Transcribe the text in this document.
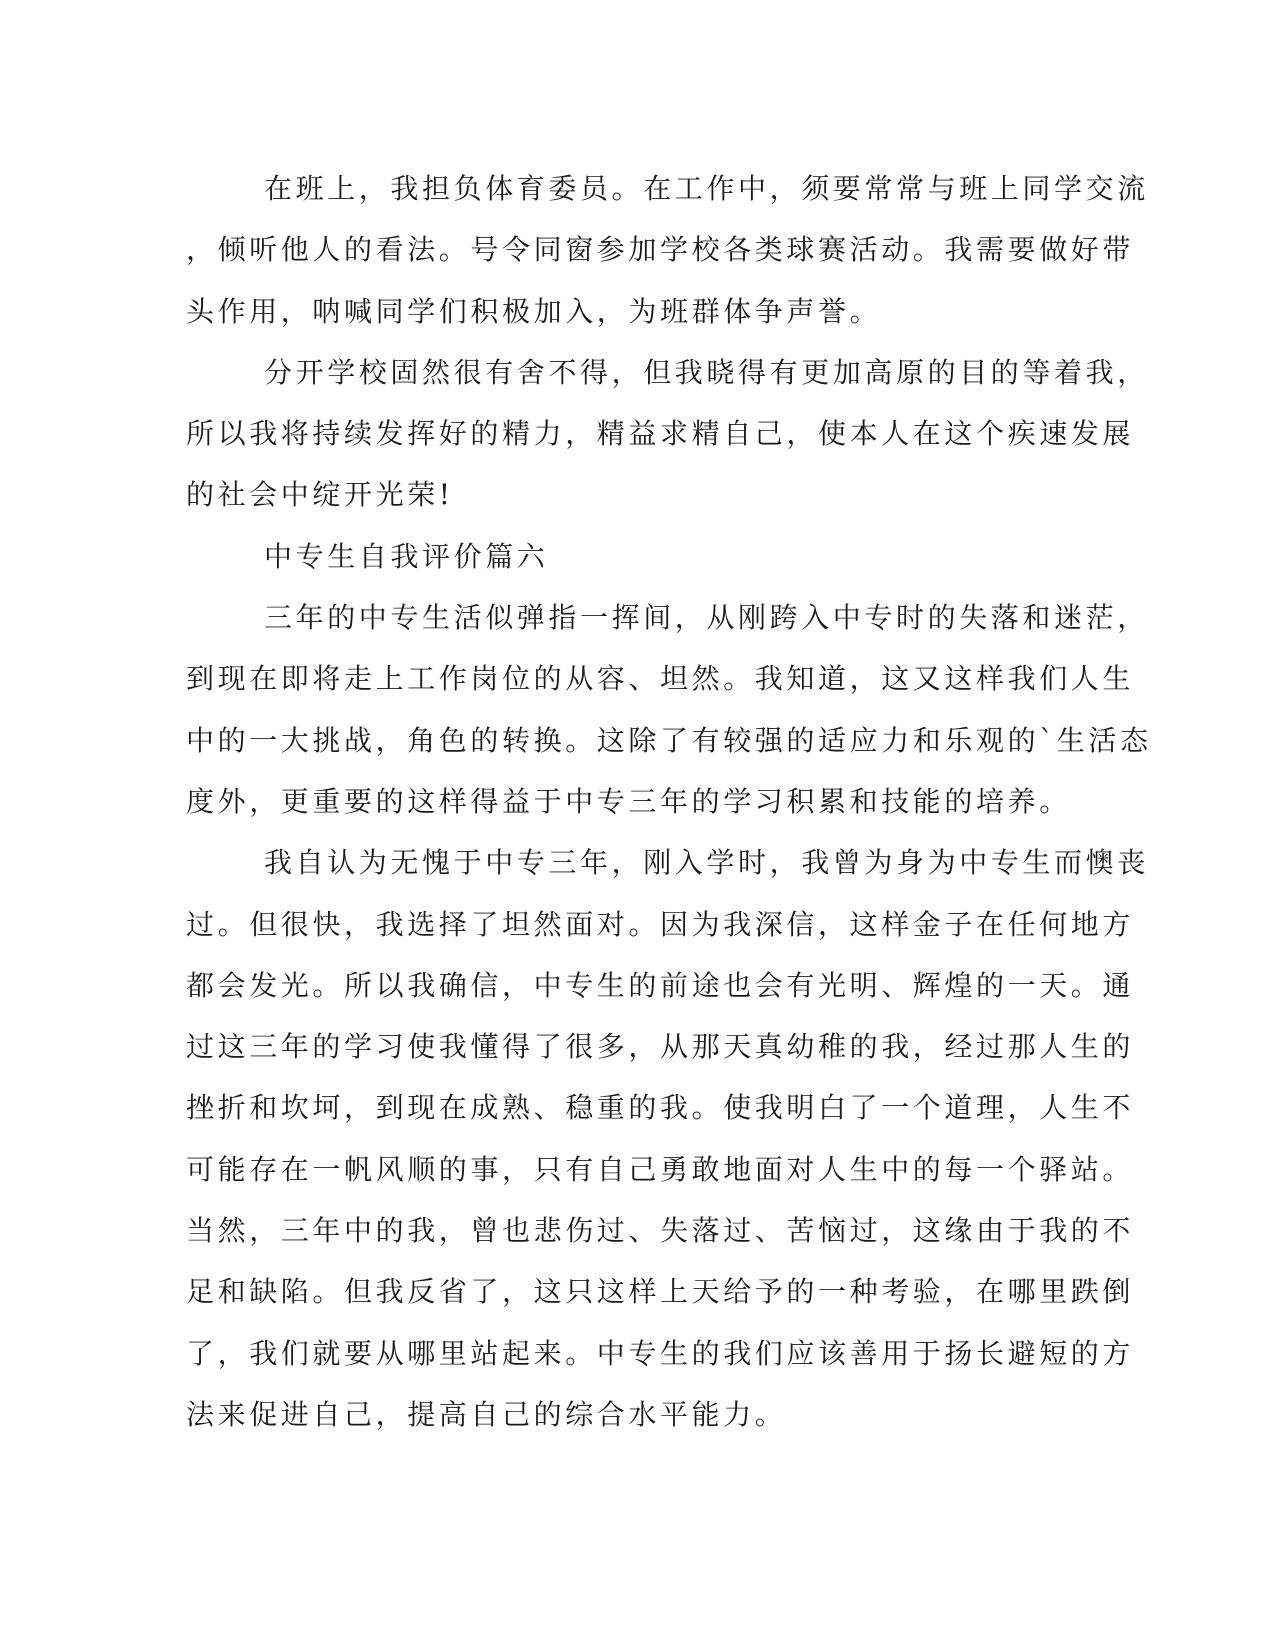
在班上，我担负体育委员。在工作中，须要常常与班上同学交流
，倾听他人的看法。号令同窗参加学校各类球赛活动。我需要做好带
头作用，呐喊同学们积极加入，为班群体争声誉。
分开学校固然很有舍不得，但我晓得有更加高原的目的等着我，
所以我将持续发挥好的精力，精益求精自己，使本人在这个疾速发展
的社会中绽开光荣!
中专生自我评价篇六
三年的中专生活似弹指一挥间，从刚跨入中专时的失落和迷茫，
到现在即将走上工作岗位的从容、坦然。我知道，这又这样我们人生
中的一大挑战，角色的转换。这除了有较强的适应力和乐观的`生活态
度外，更重要的这样得益于中专三年的学习积累和技能的培养。
我自认为无愧于中专三年，刚入学时，我曾为身为中专生而懊丧
过。但很快，我选择了坦然面对。因为我深信，这样金子在任何地方
都会发光。所以我确信，中专生的前途也会有光明、辉煌的一天。通
过这三年的学习使我懂得了很多，从那天真幼稚的我，经过那人生的
挫折和坎坷，到现在成熟、稳重的我。使我明白了一个道理，人生不
可能存在一帆风顺的事，只有自己勇敢地面对人生中的每一个驿站。
当然，三年中的我，曾也悲伤过、失落过、苦恼过，这缘由于我的不
足和缺陷。但我反省了，这只这样上天给予的一种考验，在哪里跌倒
了，我们就要从哪里站起来。中专生的我们应该善用于扬长避短的方
法来促进自己，提高自己的综合水平能力。
